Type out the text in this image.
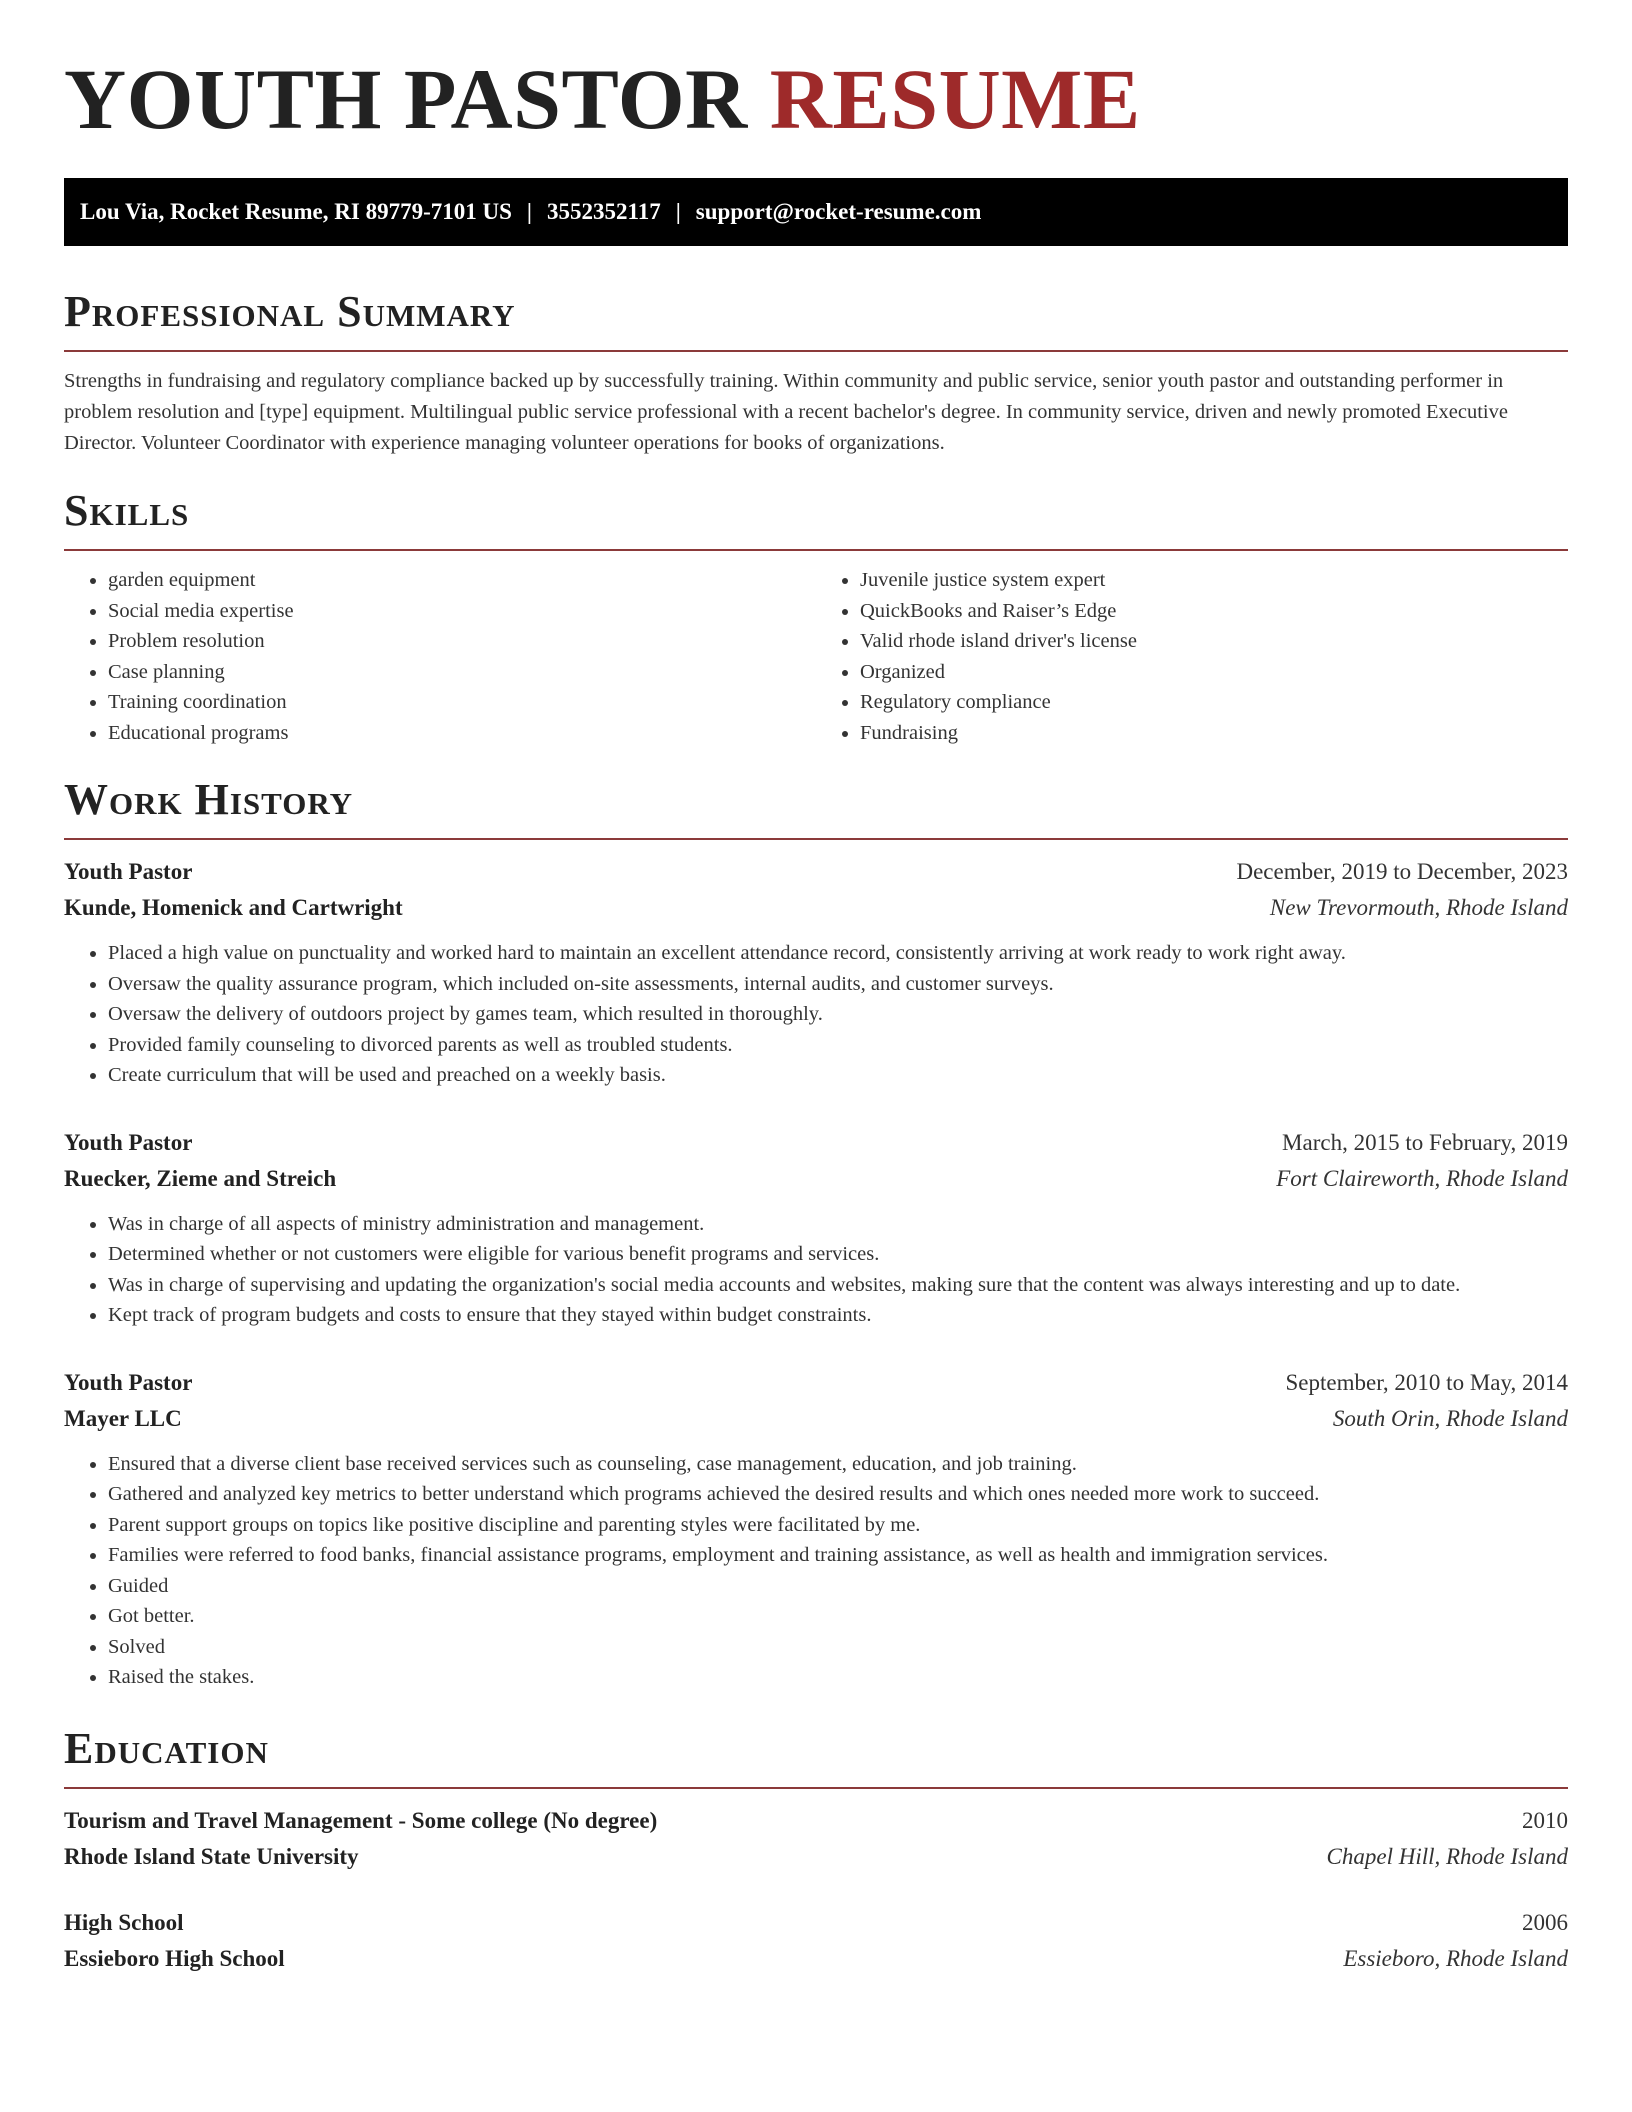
YOUTH PASTOR RESUME
Lou Via, Rocket Resume, RI 89779-7101 US | 3552352117 | support@rocket-resume.com
Professional Summary

Strengths in fundraising and regulatory compliance backed up by successfully training. Within community and public service, senior youth pastor and outstanding performer in problem resolution and [type] equipment. Multilingual public service professional with a recent bachelor's degree. In community service, driven and newly promoted Executive Director. Volunteer Coordinator with experience managing volunteer operations for books of organizations.

Skills
• garden equipment
• Social media expertise
• Problem resolution
• Case planning
• Training coordination
• Educational programs
• Juvenile justice system expert
• QuickBooks and Raiser’s Edge
• Valid rhode island driver's license
• Organized
• Regulatory compliance
• Fundraising
Work History
Youth Pastor	December, 2019 to December, 2023
Kunde, Homenick and Cartwright	New Trevormouth, Rhode Island
• Placed a high value on punctuality and worked hard to maintain an excellent attendance record, consistently arriving at work ready to work right away.
• Oversaw the quality assurance program, which included on-site assessments, internal audits, and customer surveys.
• Oversaw the delivery of outdoors project by games team, which resulted in thoroughly.
• Provided family counseling to divorced parents as well as troubled students.
• Create curriculum that will be used and preached on a weekly basis.
Youth Pastor	March, 2015 to February, 2019
Ruecker, Zieme and Streich	Fort Claireworth, Rhode Island
• Was in charge of all aspects of ministry administration and management.
• Determined whether or not customers were eligible for various benefit programs and services.
• Was in charge of supervising and updating the organization's social media accounts and websites, making sure that the content was always interesting and up to date.
• Kept track of program budgets and costs to ensure that they stayed within budget constraints.
Youth Pastor	September, 2010 to May, 2014
Mayer LLC	South Orin, Rhode Island
• Ensured that a diverse client base received services such as counseling, case management, education, and job training.
• Gathered and analyzed key metrics to better understand which programs achieved the desired results and which ones needed more work to succeed.
• Parent support groups on topics like positive discipline and parenting styles were facilitated by me.
• Families were referred to food banks, financial assistance programs, employment and training assistance, as well as health and immigration services.
• Guided
• Got better.
• Solved
• Raised the stakes.
Education
Tourism and Travel Management - Some college (No degree)	2010
Rhode Island State University	Chapel Hill, Rhode Island
High School	2006
Essieboro High School	Essieboro, Rhode Island
